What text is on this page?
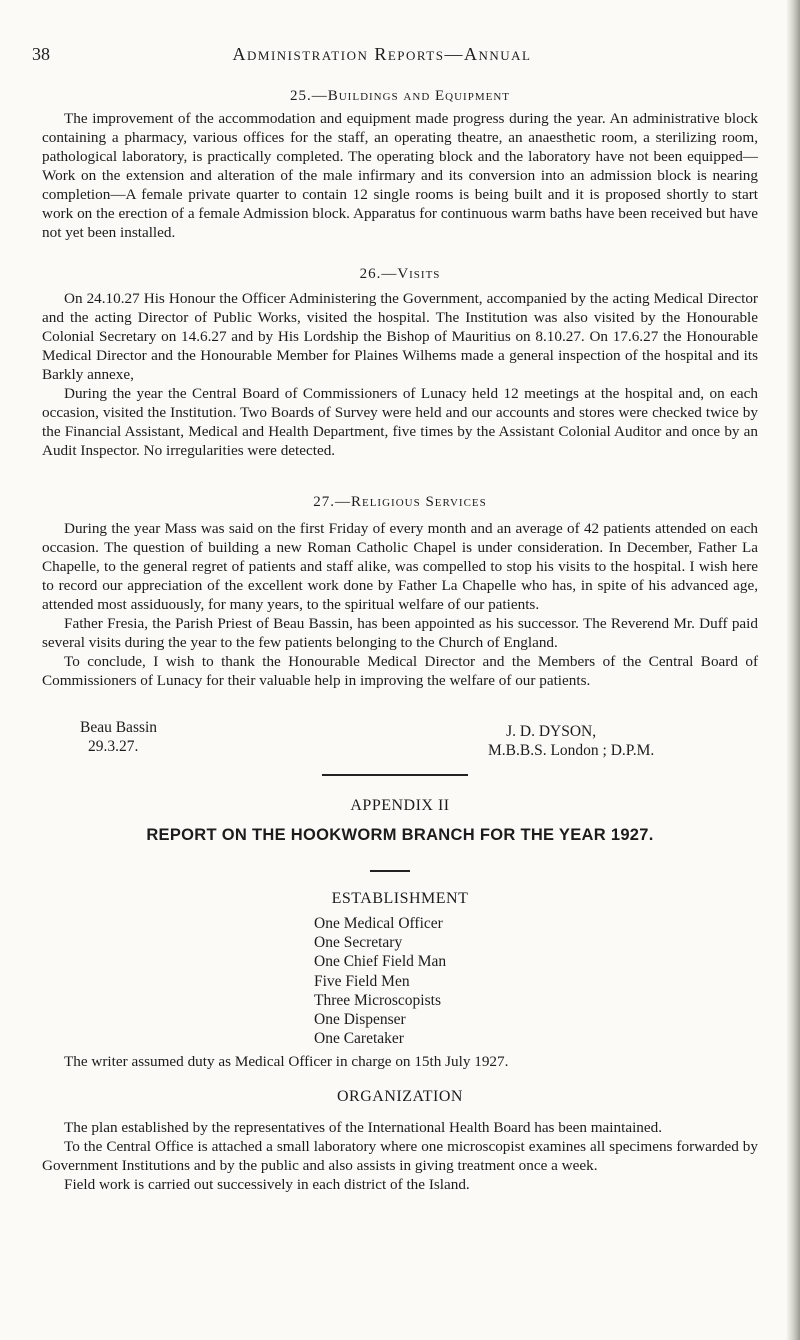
38	Administration Reports—Annual
25.—Buildings and Equipment

The improvement of the accommodation and equipment made progress during the year. An administrative block containing a pharmacy, various offices for the staff, an operating theatre, an anaesthetic room, a sterilizing room, pathological laboratory, is practically completed. The operating block and the laboratory have not been equipped— Work on the extension and alteration of the male infirmary and its conversion into an admission block is nearing completion—A female private quarter to contain 12 single rooms is being built and it is proposed shortly to start work on the erection of a female Admission block. Apparatus for continuous warm baths have been received but have not yet been installed.

26.—Visits

On 24.10.27 His Honour the Officer Administering the Government, accompanied by the acting Medical Director and the acting Director of Public Works, visited the hospital. The Institution was also visited by the Honourable Colonial Secretary on 14.6.27 and by His Lordship the Bishop of Mauritius on 8.10.27. On 17.6.27 the Honourable Medical Director and the Honourable Member for Plaines Wilhems made a general inspection of the hospital and its Barkly annexe,

During the year the Central Board of Commissioners of Lunacy held 12 meetings at the hospital and, on each occasion, visited the Institution. Two Boards of Survey were held and our accounts and stores were checked twice by the Financial Assistant, Medical and Health Department, five times by the Assistant Colonial Auditor and once by an Audit Inspector. No irregularities were detected.

27.—Religious Services

During the year Mass was said on the first Friday of every month and an average of 42 patients attended on each occasion. The question of building a new Roman Catholic Chapel is under consideration. In December, Father La Chapelle, to the general regret of patients and staff alike, was compelled to stop his visits to the hospital. I wish here to record our appreciation of the excellent work done by Father La Chapelle who has, in spite of his advanced age, attended most assiduously, for many years, to the spiritual welfare of our patients.

Father Fresia, the Parish Priest of Beau Bassin, has been appointed as his successor. The Reverend Mr. Duff paid several visits during the year to the few patients belonging to the Church of England.

To conclude, I wish to thank the Honourable Medical Director and the Members of the Central Board of Commissioners of Lunacy for their valuable help in improving the welfare of our patients.

Beau Bassin
29.3.27.
J. D. DYSON,
M.B.B.S. London ; D.P.M.
APPENDIX II
REPORT ON THE HOOKWORM BRANCH FOR THE YEAR 1927.
ESTABLISHMENT
One Medical Officer
One Secretary
One Chief Field Man
Five Field Men
Three Microscopists
One Dispenser
One Caretaker

The writer assumed duty as Medical Officer in charge on 15th July 1927.

ORGANIZATION

The plan established by the representatives of the International Health Board has been maintained.

To the Central Office is attached a small laboratory where one microscopist examines all specimens forwarded by Government Institutions and by the public and also assists in giving treatment once a week.

Field work is carried out successively in each district of the Island.
